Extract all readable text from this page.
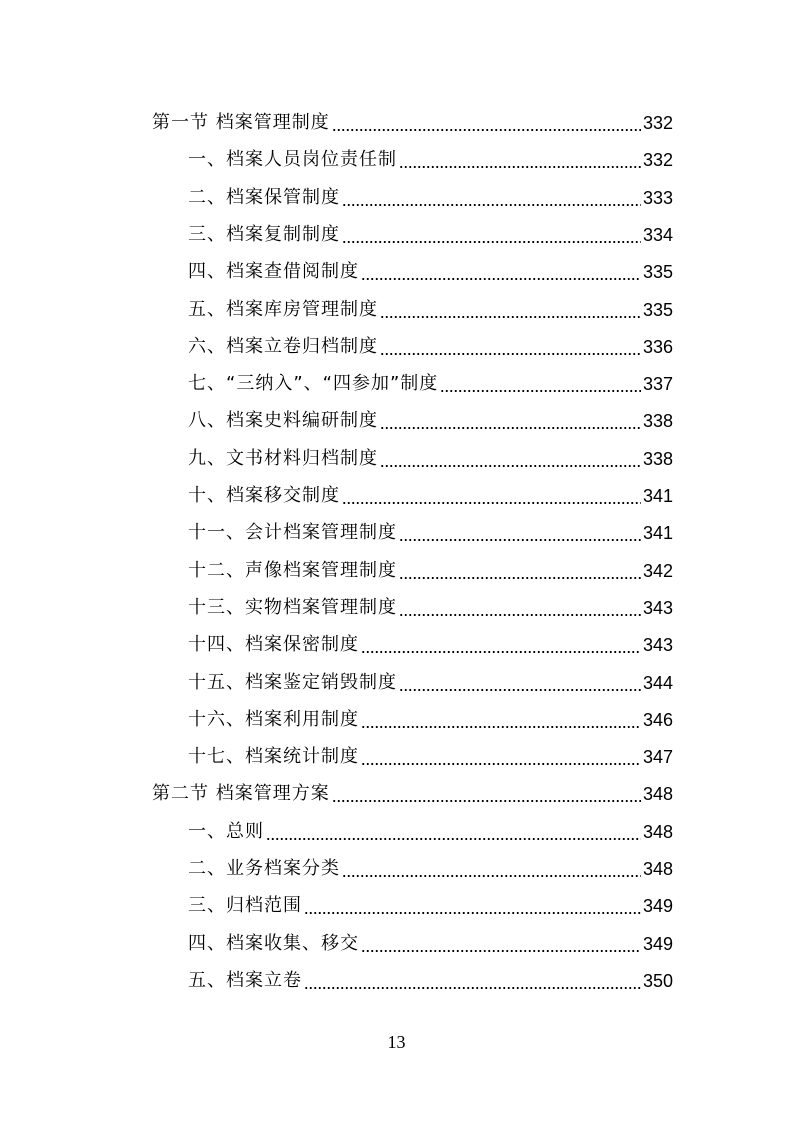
第一节 档案管理制度	332
一、档案人员岗位责任制	332
二、档案保管制度	333
三、档案复制制度	334
四、档案查借阅制度	335
五、档案库房管理制度	335
六、档案立卷归档制度	336
七、“三纳入”、“四参加”制度	337
八、档案史料编研制度	338
九、文书材料归档制度	338
十、档案移交制度	341
十一、会计档案管理制度	341
十二、声像档案管理制度	342
十三、实物档案管理制度	343
十四、档案保密制度	343
十五、档案鉴定销毁制度	344
十六、档案利用制度	346
十七、档案统计制度	347
第二节 档案管理方案	348
一、总则	348
二、业务档案分类	348
三、归档范围	349
四、档案收集、移交	349
五、档案立卷	350
13
